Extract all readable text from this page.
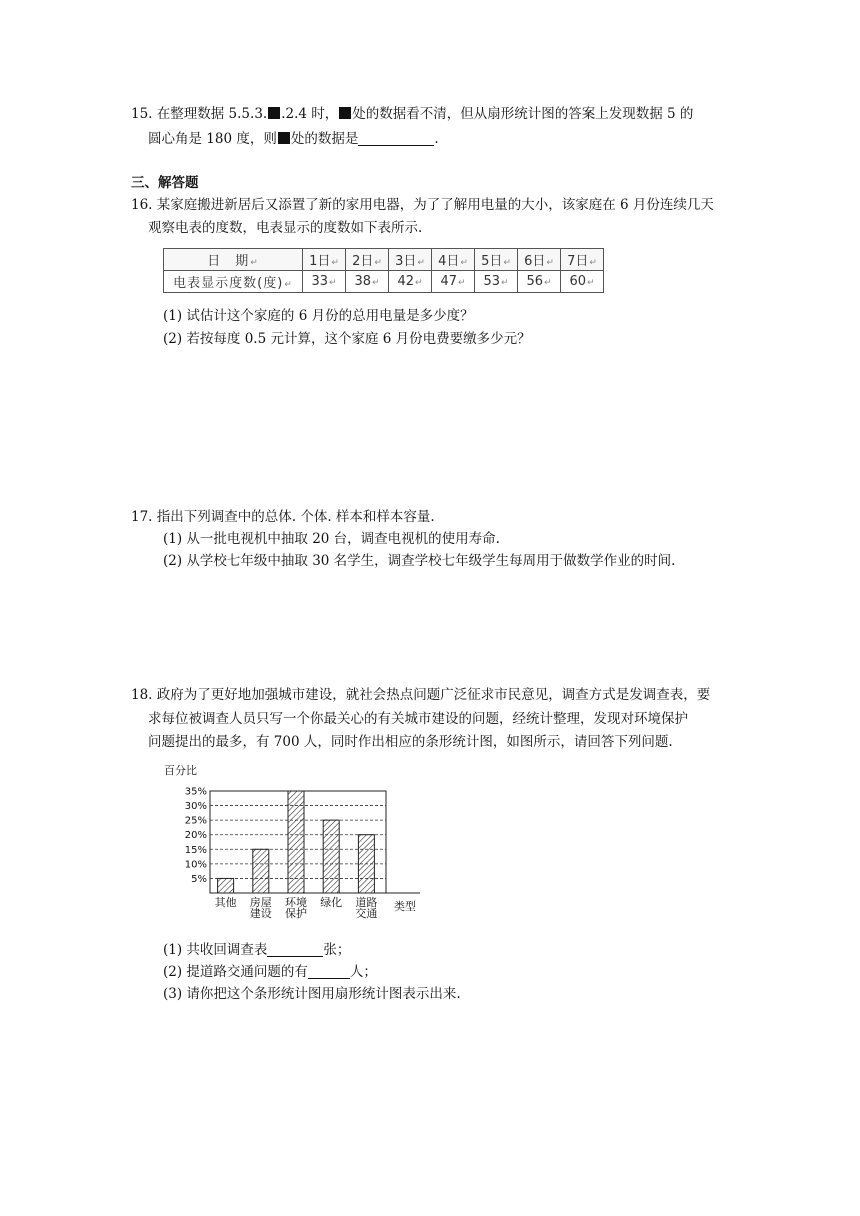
15. 在整理数据 5.5.3. .2.4 时， 处的数据看不清，但从扇形统计图的答案上发现数据 5 的
圆心角是 180 度，则 处的数据是	.
三、解答题
16. 某家庭搬进新居后又添置了新的家用电器，为了了解用电量的大小，该家庭在 6 月份连续几天
观察电表的度数，电表显示的度数如下表所示.
日　期 ↵	1日 ↵	2日 ↵	3日 ↵	4日 ↵	5日 ↵	6日 ↵	7日 ↵
电表显示度数(度) ↵	33 ↵	38 ↵	42 ↵	47 ↵	53 ↵	56 ↵	60 ↵
(1) 试估计这个家庭的 6 月份的总用电量是多少度？
(2) 若按每度 0.5 元计算，这个家庭 6 月份电费要缴多少元？
17. 指出下列调查中的总体. 个体. 样本和样本容量.
(1) 从一批电视机中抽取 20 台，调查电视机的使用寿命.
(2) 从学校七年级中抽取 30 名学生，调查学校七年级学生每周用于做数学作业的时间.
18. 政府为了更好地加强城市建设，就社会热点问题广泛征求市民意见，调查方式是发调查表，要
求每位被调查人员只写一个你最关心的有关城市建设的问题，经统计整理，发现对环境保护
问题提出的最多，有 700 人，同时作出相应的条形统计图，如图所示，请回答下列问题.
百分比
5%
10%
15%
20%
25%
30%
35%
其他 房屋
建设
环境
保护
绿化 道路
交通
类型
(1) 共收回调查表	张；
(2) 提道路交通问题的有	人；
(3) 请你把这个条形统计图用扇形统计图表示出来.
